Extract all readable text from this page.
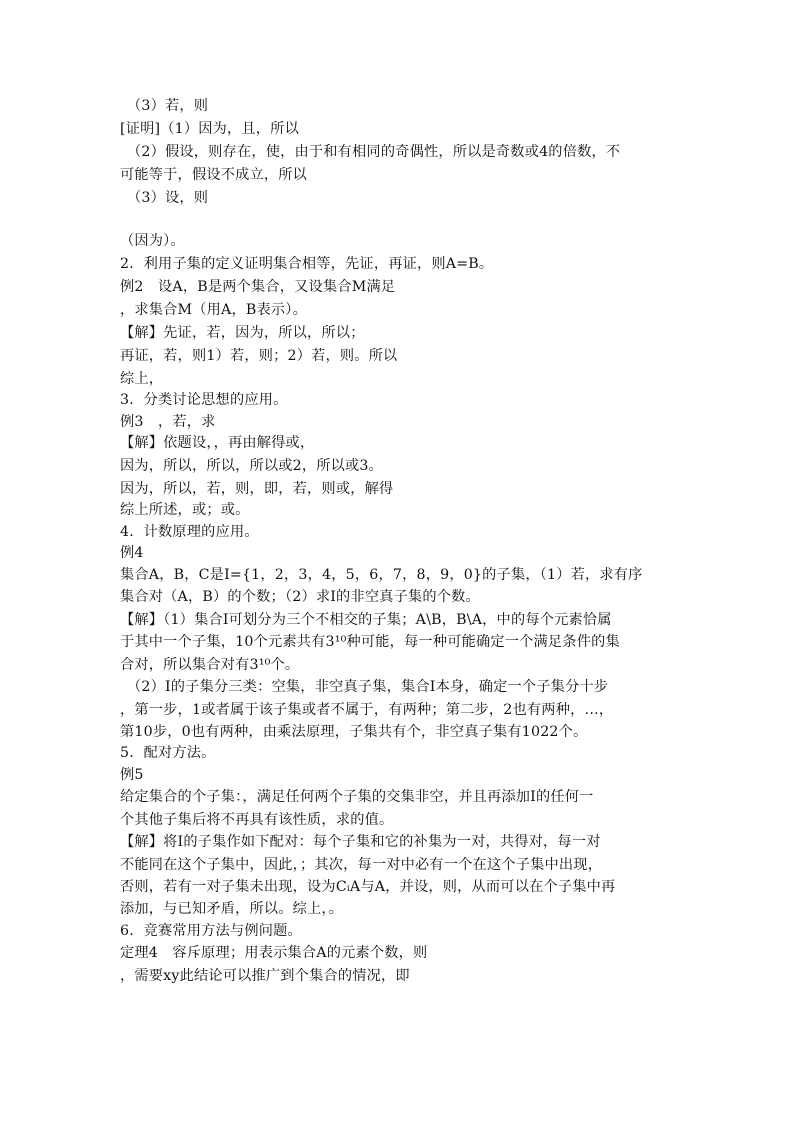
（3）若，则
[证明]（1）因为，且，所以
（2）假设，则存在，使，由于和有相同的奇偶性，所以是奇数或4的倍数，不
可能等于，假设不成立，所以
（3）设，则
（因为）。
2．利用子集的定义证明集合相等，先证，再证，则A=B。
例2　设A，B是两个集合，又设集合M满足
，求集合M（用A，B表示）。
【解】先证，若，因为，所以，所以；
再证，若，则1）若，则；2）若，则。所以
综上，
3．分类讨论思想的应用。
例3　，若，求
【解】依题设，，再由解得或，
因为，所以，所以，所以或2，所以或3。
因为，所以，若，则，即，若，则或，解得
综上所述，或；或。
4．计数原理的应用。
例4
集合A，B，C是I={1，2，3，4，5，6，7，8，9，0}的子集，（1）若，求有序
集合对（A，B）的个数；（2）求I的非空真子集的个数。
【解】（1）集合I可划分为三个不相交的子集；A\B，B\A，中的每个元素恰属
于其中一个子集，10个元素共有3¹⁰种可能，每一种可能确定一个满足条件的集
合对，所以集合对有3¹⁰个。
（2）I的子集分三类：空集，非空真子集，集合I本身，确定一个子集分十步
，第一步，1或者属于该子集或者不属于，有两种；第二步，2也有两种，…，
第10步，0也有两种，由乘法原理，子集共有个，非空真子集有1022个。
5．配对方法。
例5
给定集合的个子集：，满足任何两个子集的交集非空，并且再添加I的任何一
个其他子集后将不再具有该性质，求的值。
【解】将I的子集作如下配对：每个子集和它的补集为一对，共得对，每一对
不能同在这个子集中，因此，；其次，每一对中必有一个在这个子集中出现，
否则，若有一对子集未出现，设为CᵢA与A，并设，则，从而可以在个子集中再
添加，与已知矛盾，所以。综上，。
6．竞赛常用方法与例问题。
定理4　容斥原理；用表示集合A的元素个数，则
，需要xy此结论可以推广到个集合的情况，即
